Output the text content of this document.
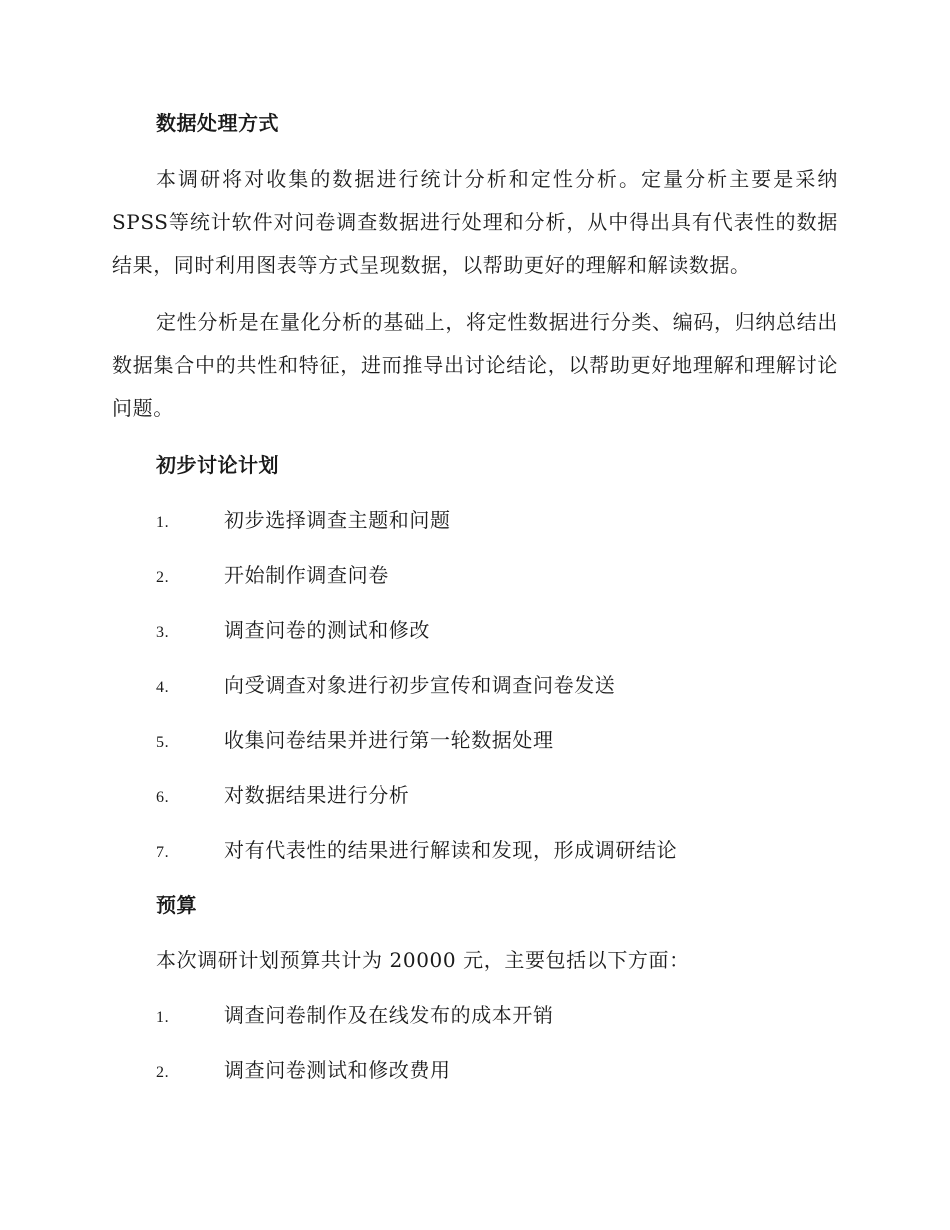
数据处理方式

本调研将对收集的数据进行统计分析和定性分析。定量分析主要是采纳SPSS等统计软件对问卷调查数据进行处理和分析，从中得出具有代表性的数据结果，同时利用图表等方式呈现数据，以帮助更好的理解和解读数据。

定性分析是在量化分析的基础上，将定性数据进行分类、编码，归纳总结出数据集合中的共性和特征，进而推导出讨论结论，以帮助更好地理解和理解讨论问题。

初步讨论计划
1.	初步选择调查主题和问题
2.	开始制作调查问卷
3.	调查问卷的测试和修改
4.	向受调查对象进行初步宣传和调查问卷发送
5.	收集问卷结果并进行第一轮数据处理
6.	对数据结果进行分析
7.	对有代表性的结果进行解读和发现，形成调研结论
预算

本次调研计划预算共计为 20000 元，主要包括以下方面：

1.	调查问卷制作及在线发布的成本开销
2.	调查问卷测试和修改费用
